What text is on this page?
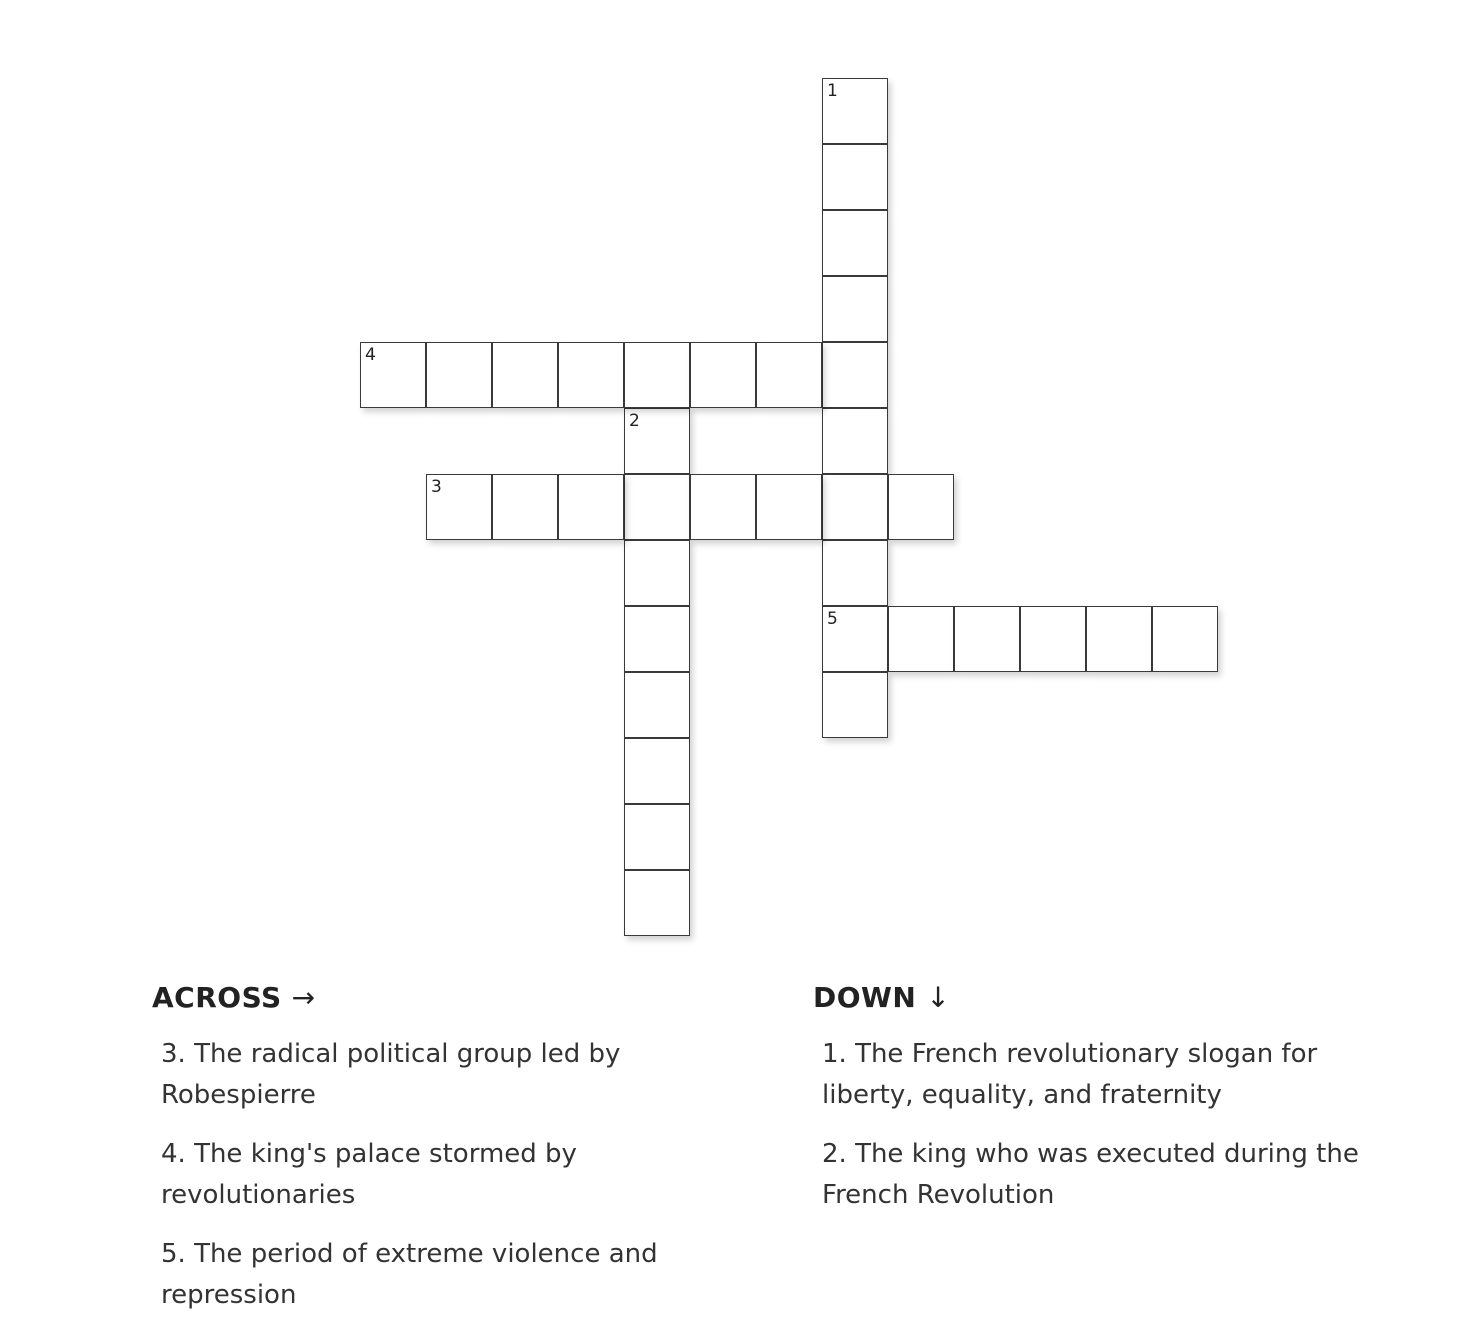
1
5
2
3
4
ACROSS →
3. The radical political group led by Robespierre
4. The king's palace stormed by revolutionaries
5. The period of extreme violence and repression
DOWN ↓
1. The French revolutionary slogan for liberty, equality, and fraternity
2. The king who was executed during the French Revolution
